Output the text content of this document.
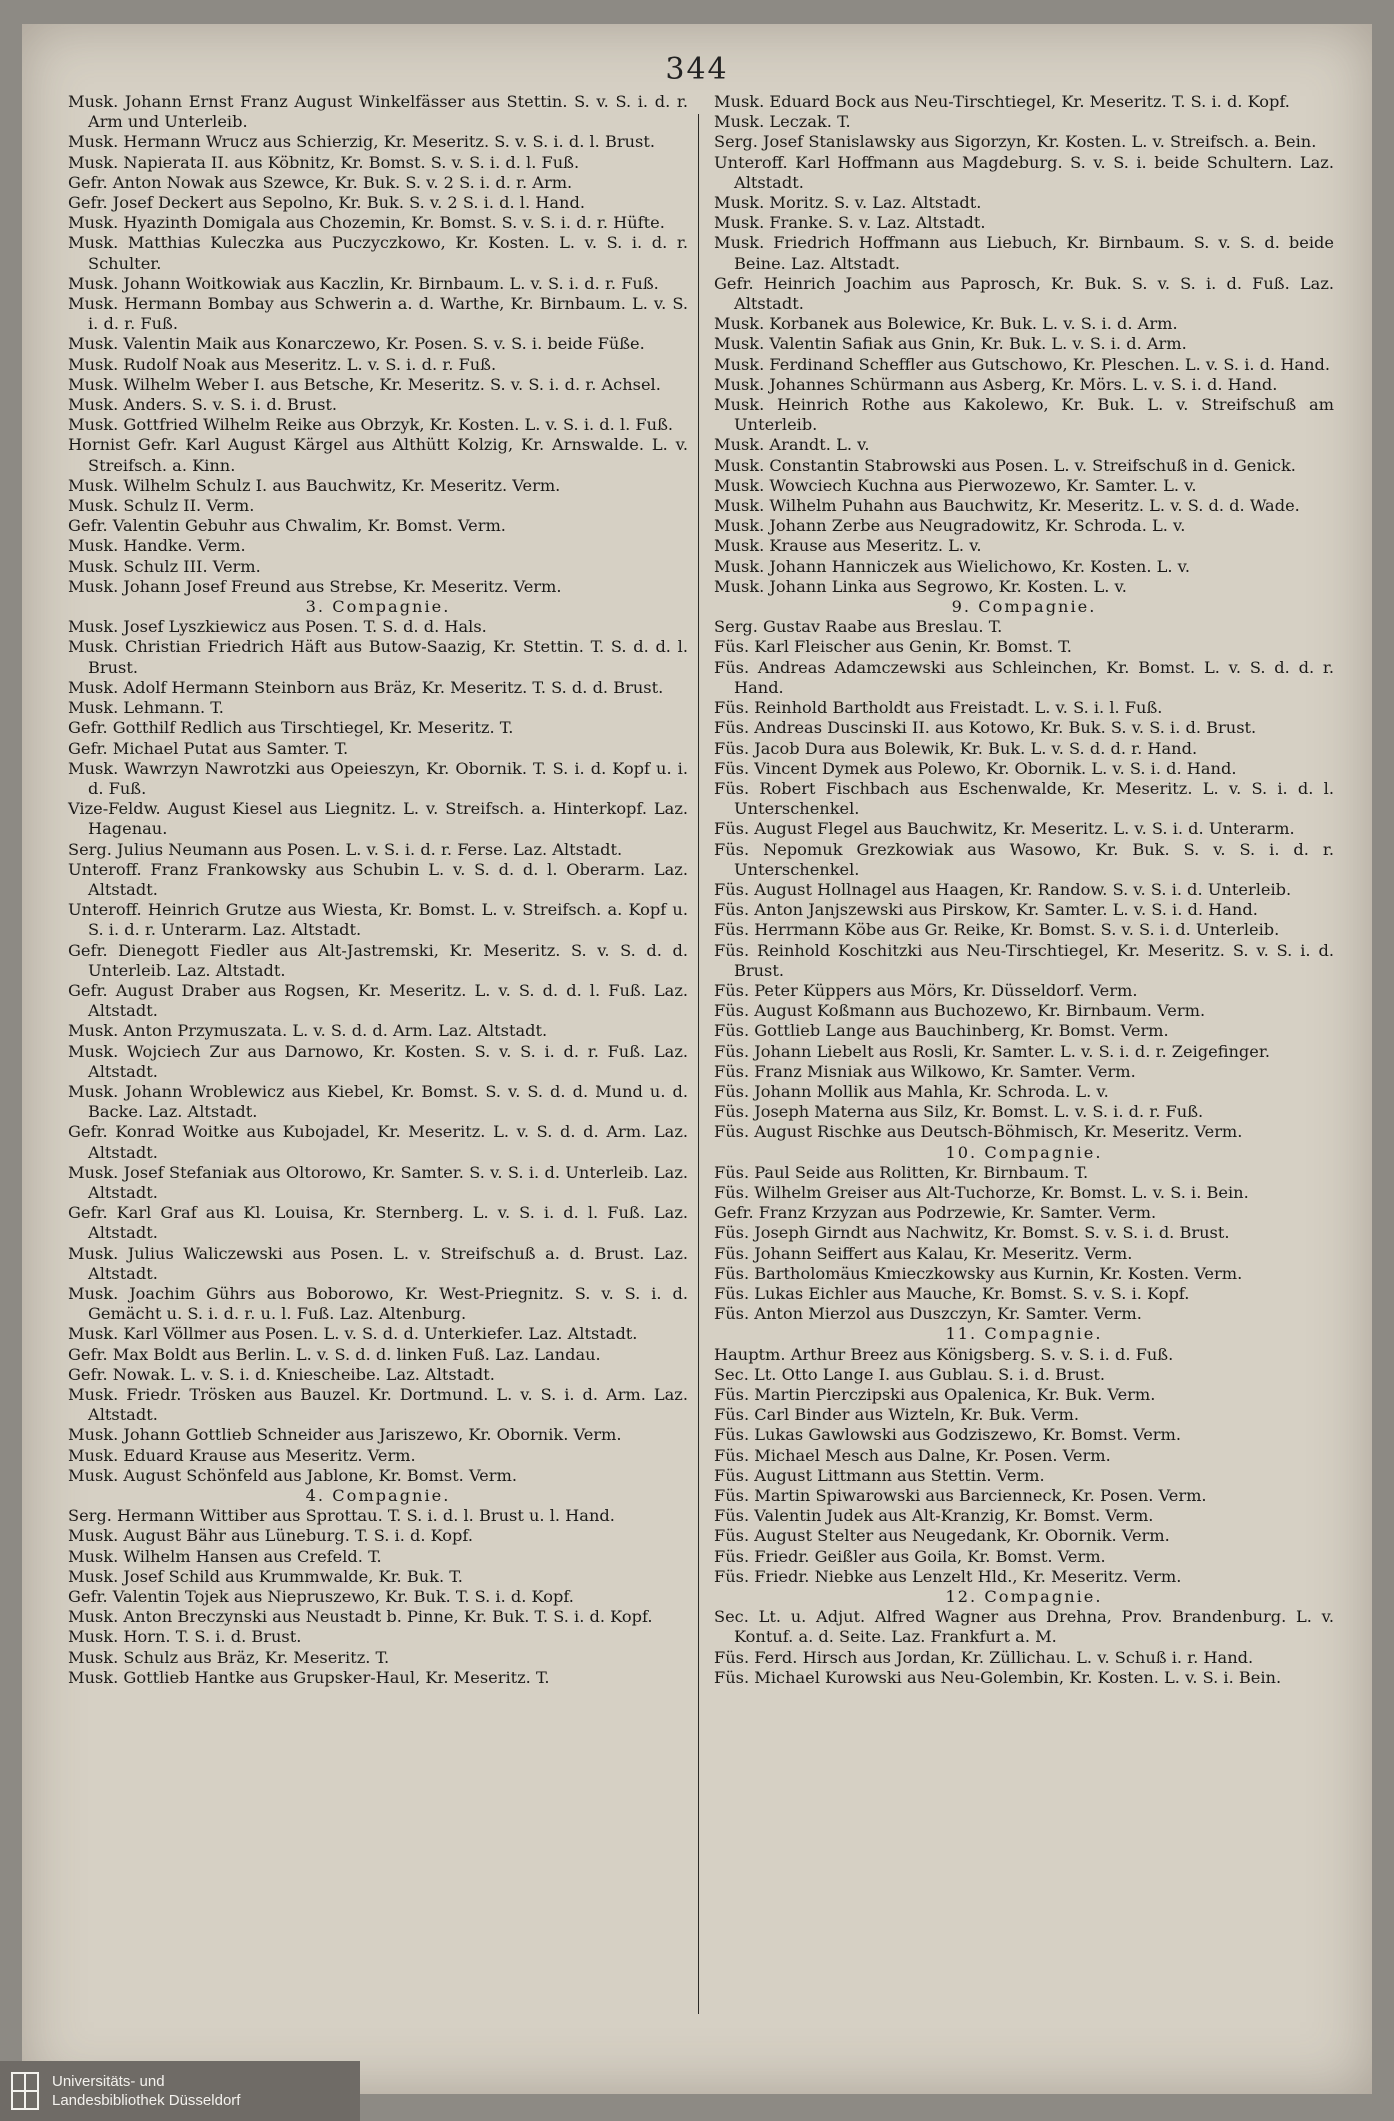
344

Musk. Johann Ernst Franz August Winkelfässer aus Stettin. S. v. S. i. d. r. Arm und Unterleib.

Musk. Hermann Wrucz aus Schierzig, Kr. Meseritz. S. v. S. i. d. l. Brust.

Musk. Napierata II. aus Köbnitz, Kr. Bomst. S. v. S. i. d. l. Fuß.

Gefr. Anton Nowak aus Szewce, Kr. Buk. S. v. 2 S. i. d. r. Arm.

Gefr. Josef Deckert aus Sepolno, Kr. Buk. S. v. 2 S. i. d. l. Hand.

Musk. Hyazinth Domigala aus Chozemin, Kr. Bomst. S. v. S. i. d. r. Hüfte.

Musk. Matthias Kuleczka aus Puczyczkowo, Kr. Kosten. L. v. S. i. d. r. Schulter.

Musk. Johann Woitkowiak aus Kaczlin, Kr. Birnbaum. L. v. S. i. d. r. Fuß.

Musk. Hermann Bombay aus Schwerin a. d. Warthe, Kr. Birnbaum. L. v. S. i. d. r. Fuß.

Musk. Valentin Maik aus Konarczewo, Kr. Posen. S. v. S. i. beide Füße.

Musk. Rudolf Noak aus Meseritz. L. v. S. i. d. r. Fuß.

Musk. Wilhelm Weber I. aus Betsche, Kr. Meseritz. S. v. S. i. d. r. Achsel.

Musk. Anders. S. v. S. i. d. Brust.

Musk. Gottfried Wilhelm Reike aus Obrzyk, Kr. Kosten. L. v. S. i. d. l. Fuß.

Hornist Gefr. Karl August Kärgel aus Althütt Kolzig, Kr. Arnswalde. L. v. Streifsch. a. Kinn.

Musk. Wilhelm Schulz I. aus Bauchwitz, Kr. Meseritz. Verm.

Musk. Schulz II. Verm.

Gefr. Valentin Gebuhr aus Chwalim, Kr. Bomst. Verm.

Musk. Handke. Verm.

Musk. Schulz III. Verm.

Musk. Johann Josef Freund aus Strebse, Kr. Meseritz. Verm.

3. Compagnie.

Musk. Josef Lyszkiewicz aus Posen. T. S. d. d. Hals.

Musk. Christian Friedrich Häft aus Butow-Saazig, Kr. Stettin. T. S. d. d. l. Brust.

Musk. Adolf Hermann Steinborn aus Bräz, Kr. Meseritz. T. S. d. d. Brust.

Musk. Lehmann. T.

Gefr. Gotthilf Redlich aus Tirschtiegel, Kr. Meseritz. T.

Gefr. Michael Putat aus Samter. T.

Musk. Wawrzyn Nawrotzki aus Opeieszyn, Kr. Obornik. T. S. i. d. Kopf u. i. d. Fuß.

Vize-Feldw. August Kiesel aus Liegnitz. L. v. Streifsch. a. Hinterkopf. Laz. Hagenau.

Serg. Julius Neumann aus Posen. L. v. S. i. d. r. Ferse. Laz. Altstadt.

Unteroff. Franz Frankowsky aus Schubin L. v. S. d. d. l. Oberarm. Laz. Altstadt.

Unteroff. Heinrich Grutze aus Wiesta, Kr. Bomst. L. v. Streifsch. a. Kopf u. S. i. d. r. Unterarm. Laz. Altstadt.

Gefr. Dienegott Fiedler aus Alt-Jastremski, Kr. Meseritz. S. v. S. d. d. Unterleib. Laz. Altstadt.

Gefr. August Draber aus Rogsen, Kr. Meseritz. L. v. S. d. d. l. Fuß. Laz. Altstadt.

Musk. Anton Przymuszata. L. v. S. d. d. Arm. Laz. Altstadt.

Musk. Wojciech Zur aus Darnowo, Kr. Kosten. S. v. S. i. d. r. Fuß. Laz. Altstadt.

Musk. Johann Wroblewicz aus Kiebel, Kr. Bomst. S. v. S. d. d. Mund u. d. Backe. Laz. Altstadt.

Gefr. Konrad Woitke aus Kubojadel, Kr. Meseritz. L. v. S. d. d. Arm. Laz. Altstadt.

Musk. Josef Stefaniak aus Oltorowo, Kr. Samter. S. v. S. i. d. Unterleib. Laz. Altstadt.

Gefr. Karl Graf aus Kl. Louisa, Kr. Sternberg. L. v. S. i. d. l. Fuß. Laz. Altstadt.

Musk. Julius Waliczewski aus Posen. L. v. Streifschuß a. d. Brust. Laz. Altstadt.

Musk. Joachim Gührs aus Boborowo, Kr. West-Priegnitz. S. v. S. i. d. Gemächt u. S. i. d. r. u. l. Fuß. Laz. Altenburg.

Musk. Karl Völlmer aus Posen. L. v. S. d. d. Unterkiefer. Laz. Altstadt.

Gefr. Max Boldt aus Berlin. L. v. S. d. d. linken Fuß. Laz. Landau.

Gefr. Nowak. L. v. S. i. d. Kniescheibe. Laz. Altstadt.

Musk. Friedr. Trösken aus Bauzel. Kr. Dortmund. L. v. S. i. d. Arm. Laz. Altstadt.

Musk. Johann Gottlieb Schneider aus Jariszewo, Kr. Obornik. Verm.

Musk. Eduard Krause aus Meseritz. Verm.

Musk. August Schönfeld aus Jablone, Kr. Bomst. Verm.

4. Compagnie.

Serg. Hermann Wittiber aus Sprottau. T. S. i. d. l. Brust u. l. Hand.

Musk. August Bähr aus Lüneburg. T. S. i. d. Kopf.

Musk. Wilhelm Hansen aus Crefeld. T.

Musk. Josef Schild aus Krummwalde, Kr. Buk. T.

Gefr. Valentin Tojek aus Niepruszewo, Kr. Buk. T. S. i. d. Kopf.

Musk. Anton Breczynski aus Neustadt b. Pinne, Kr. Buk. T. S. i. d. Kopf.

Musk. Horn. T. S. i. d. Brust.

Musk. Schulz aus Bräz, Kr. Meseritz. T.

Musk. Gottlieb Hantke aus Grupsker-Haul, Kr. Meseritz. T.

Musk. Eduard Bock aus Neu-Tirschtiegel, Kr. Meseritz. T. S. i. d. Kopf.

Musk. Leczak. T.

Serg. Josef Stanislawsky aus Sigorzyn, Kr. Kosten. L. v. Streifsch. a. Bein.

Unteroff. Karl Hoffmann aus Magdeburg. S. v. S. i. beide Schultern. Laz. Altstadt.

Musk. Moritz. S. v. Laz. Altstadt.

Musk. Franke. S. v. Laz. Altstadt.

Musk. Friedrich Hoffmann aus Liebuch, Kr. Birnbaum. S. v. S. d. beide Beine. Laz. Altstadt.

Gefr. Heinrich Joachim aus Paprosch, Kr. Buk. S. v. S. i. d. Fuß. Laz. Altstadt.

Musk. Korbanek aus Bolewice, Kr. Buk. L. v. S. i. d. Arm.

Musk. Valentin Safiak aus Gnin, Kr. Buk. L. v. S. i. d. Arm.

Musk. Ferdinand Scheffler aus Gutschowo, Kr. Pleschen. L. v. S. i. d. Hand.

Musk. Johannes Schürmann aus Asberg, Kr. Mörs. L. v. S. i. d. Hand.

Musk. Heinrich Rothe aus Kakolewo, Kr. Buk. L. v. Streifschuß am Unterleib.

Musk. Arandt. L. v.

Musk. Constantin Stabrowski aus Posen. L. v. Streifschuß in d. Genick.

Musk. Wowciech Kuchna aus Pierwozewo, Kr. Samter. L. v.

Musk. Wilhelm Puhahn aus Bauchwitz, Kr. Meseritz. L. v. S. d. d. Wade.

Musk. Johann Zerbe aus Neugradowitz, Kr. Schroda. L. v.

Musk. Krause aus Meseritz. L. v.

Musk. Johann Hanniczek aus Wielichowo, Kr. Kosten. L. v.

Musk. Johann Linka aus Segrowo, Kr. Kosten. L. v.

9. Compagnie.

Serg. Gustav Raabe aus Breslau. T.

Füs. Karl Fleischer aus Genin, Kr. Bomst. T.

Füs. Andreas Adamczewski aus Schleinchen, Kr. Bomst. L. v. S. d. d. r. Hand.

Füs. Reinhold Bartholdt aus Freistadt. L. v. S. i. l. Fuß.

Füs. Andreas Duscinski II. aus Kotowo, Kr. Buk. S. v. S. i. d. Brust.

Füs. Jacob Dura aus Bolewik, Kr. Buk. L. v. S. d. d. r. Hand.

Füs. Vincent Dymek aus Polewo, Kr. Obornik. L. v. S. i. d. Hand.

Füs. Robert Fischbach aus Eschenwalde, Kr. Meseritz. L. v. S. i. d. l. Unterschenkel.

Füs. August Flegel aus Bauchwitz, Kr. Meseritz. L. v. S. i. d. Unterarm.

Füs. Nepomuk Grezkowiak aus Wasowo, Kr. Buk. S. v. S. i. d. r. Unterschenkel.

Füs. August Hollnagel aus Haagen, Kr. Randow. S. v. S. i. d. Unterleib.

Füs. Anton Janjszewski aus Pirskow, Kr. Samter. L. v. S. i. d. Hand.

Füs. Herrmann Köbe aus Gr. Reike, Kr. Bomst. S. v. S. i. d. Unterleib.

Füs. Reinhold Koschitzki aus Neu-Tirschtiegel, Kr. Meseritz. S. v. S. i. d. Brust.

Füs. Peter Küppers aus Mörs, Kr. Düsseldorf. Verm.

Füs. August Koßmann aus Buchozewo, Kr. Birnbaum. Verm.

Füs. Gottlieb Lange aus Bauchinberg, Kr. Bomst. Verm.

Füs. Johann Liebelt aus Rosli, Kr. Samter. L. v. S. i. d. r. Zeigefinger.

Füs. Franz Misniak aus Wilkowo, Kr. Samter. Verm.

Füs. Johann Mollik aus Mahla, Kr. Schroda. L. v.

Füs. Joseph Materna aus Silz, Kr. Bomst. L. v. S. i. d. r. Fuß.

Füs. August Rischke aus Deutsch-Böhmisch, Kr. Meseritz. Verm.

10. Compagnie.

Füs. Paul Seide aus Rolitten, Kr. Birnbaum. T.

Füs. Wilhelm Greiser aus Alt-Tuchorze, Kr. Bomst. L. v. S. i. Bein.

Gefr. Franz Krzyzan aus Podrzewie, Kr. Samter. Verm.

Füs. Joseph Girndt aus Nachwitz, Kr. Bomst. S. v. S. i. d. Brust.

Füs. Johann Seiffert aus Kalau, Kr. Meseritz. Verm.

Füs. Bartholomäus Kmieczkowsky aus Kurnin, Kr. Kosten. Verm.

Füs. Lukas Eichler aus Mauche, Kr. Bomst. S. v. S. i. Kopf.

Füs. Anton Mierzol aus Duszczyn, Kr. Samter. Verm.

11. Compagnie.

Hauptm. Arthur Breez aus Königsberg. S. v. S. i. d. Fuß.

Sec. Lt. Otto Lange I. aus Gublau. S. i. d. Brust.

Füs. Martin Pierczipski aus Opalenica, Kr. Buk. Verm.

Füs. Carl Binder aus Wizteln, Kr. Buk. Verm.

Füs. Lukas Gawlowski aus Godziszewo, Kr. Bomst. Verm.

Füs. Michael Mesch aus Dalne, Kr. Posen. Verm.

Füs. August Littmann aus Stettin. Verm.

Füs. Martin Spiwarowski aus Barcienneck, Kr. Posen. Verm.

Füs. Valentin Judek aus Alt-Kranzig, Kr. Bomst. Verm.

Füs. August Stelter aus Neugedank, Kr. Obornik. Verm.

Füs. Friedr. Geißler aus Goila, Kr. Bomst. Verm.

Füs. Friedr. Niebke aus Lenzelt Hld., Kr. Meseritz. Verm.

12. Compagnie.

Sec. Lt. u. Adjut. Alfred Wagner aus Drehna, Prov. Brandenburg. L. v. Kontuf. a. d. Seite. Laz. Frankfurt a. M.

Füs. Ferd. Hirsch aus Jordan, Kr. Züllichau. L. v. Schuß i. r. Hand.

Füs. Michael Kurowski aus Neu-Golembin, Kr. Kosten. L. v. S. i. Bein.

Universitäts- und
Landesbibliothek Düsseldorf
